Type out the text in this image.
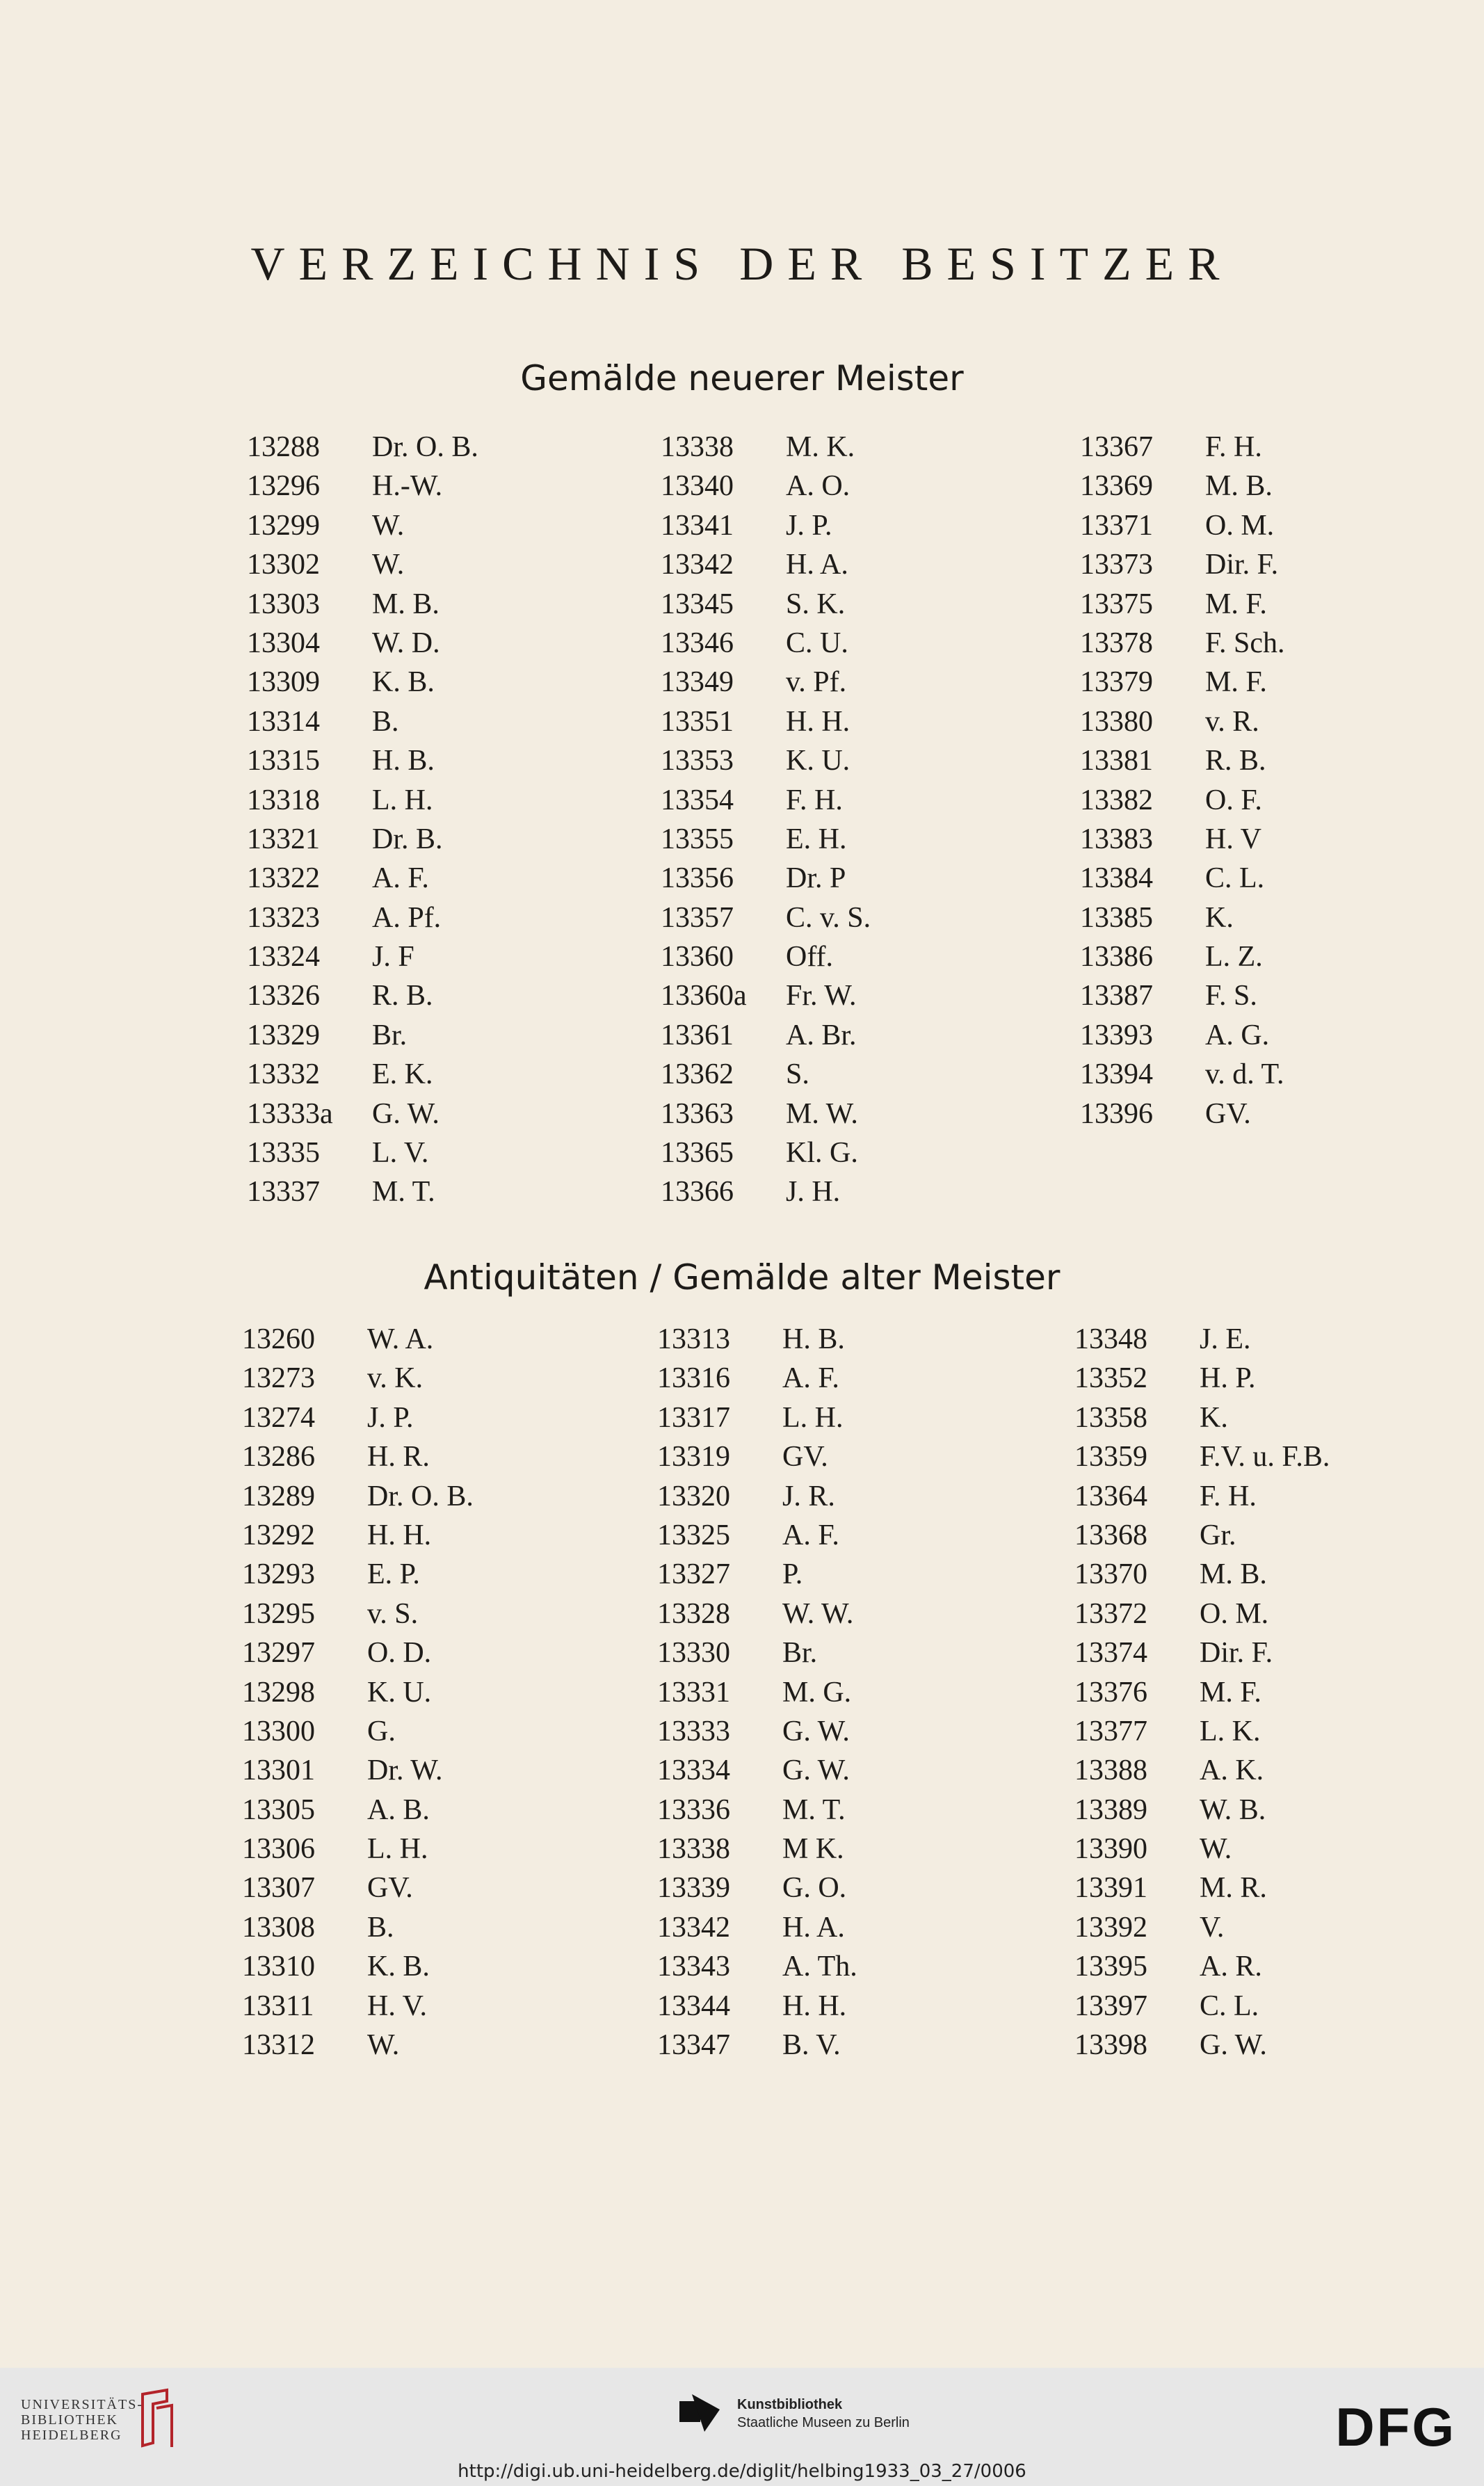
VERZEICHNIS DER BESITZER
Gemälde neuerer Meister
13288 Dr. O. B.
13296 H.-W.
13299 W.
13302 W.
13303 M. B.
13304 W. D.
13309 K. B.
13314 B.
13315 H. B.
13318 L. H.
13321 Dr. B.
13322 A. F.
13323 A. Pf.
13324 J. F
13326 R. B.
13329 Br.
13332 E. K.
13333a G. W.
13335 L. V.
13337 M. T.
13338 M. K.
13340 A. O.
13341 J. P.
13342 H. A.
13345 S. K.
13346 C. U.
13349 v. Pf.
13351 H. H.
13353 K. U.
13354 F. H.
13355 E. H.
13356 Dr. P
13357 C. v. S.
13360 Off.
13360a Fr. W.
13361 A. Br.
13362 S.
13363 M. W.
13365 Kl. G.
13366 J. H.
13367 F. H.
13369 M. B.
13371 O. M.
13373 Dir. F.
13375 M. F.
13378 F. Sch.
13379 M. F.
13380 v. R.
13381 R. B.
13382 O. F.
13383 H. V
13384 C. L.
13385 K.
13386 L. Z.
13387 F. S.
13393 A. G.
13394 v. d. T.
13396 GV.
Antiquitäten / Gemälde alter Meister
13260 W. A.
13273 v. K.
13274 J. P.
13286 H. R.
13289 Dr. O. B.
13292 H. H.
13293 E. P.
13295 v. S.
13297 O. D.
13298 K. U.
13300 G.
13301 Dr. W.
13305 A. B.
13306 L. H.
13307 GV.
13308 B.
13310 K. B.
13311 H. V.
13312 W.
13313 H. B.
13316 A. F.
13317 L. H.
13319 GV.
13320 J. R.
13325 A. F.
13327 P.
13328 W. W.
13330 Br.
13331 M. G.
13333 G. W.
13334 G. W.
13336 M. T.
13338 M K.
13339 G. O.
13342 H. A.
13343 A. Th.
13344 H. H.
13347 B. V.
13348 J. E.
13352 H. P.
13358 K.
13359 F.V. u. F.B.
13364 F. H.
13368 Gr.
13370 M. B.
13372 O. M.
13374 Dir. F.
13376 M. F.
13377 L. K.
13388 A. K.
13389 W. B.
13390 W.
13391 M. R.
13392 V.
13395 A. R.
13397 C. L.
13398 G. W.
UNIVERSITÄTS-
BIBLIOTHEK
HEIDELBERG
Kunstbibliothek
Staatliche Museen zu Berlin	DFG
http://digi.ub.uni-heidelberg.de/diglit/helbing1933_03_27/0006
